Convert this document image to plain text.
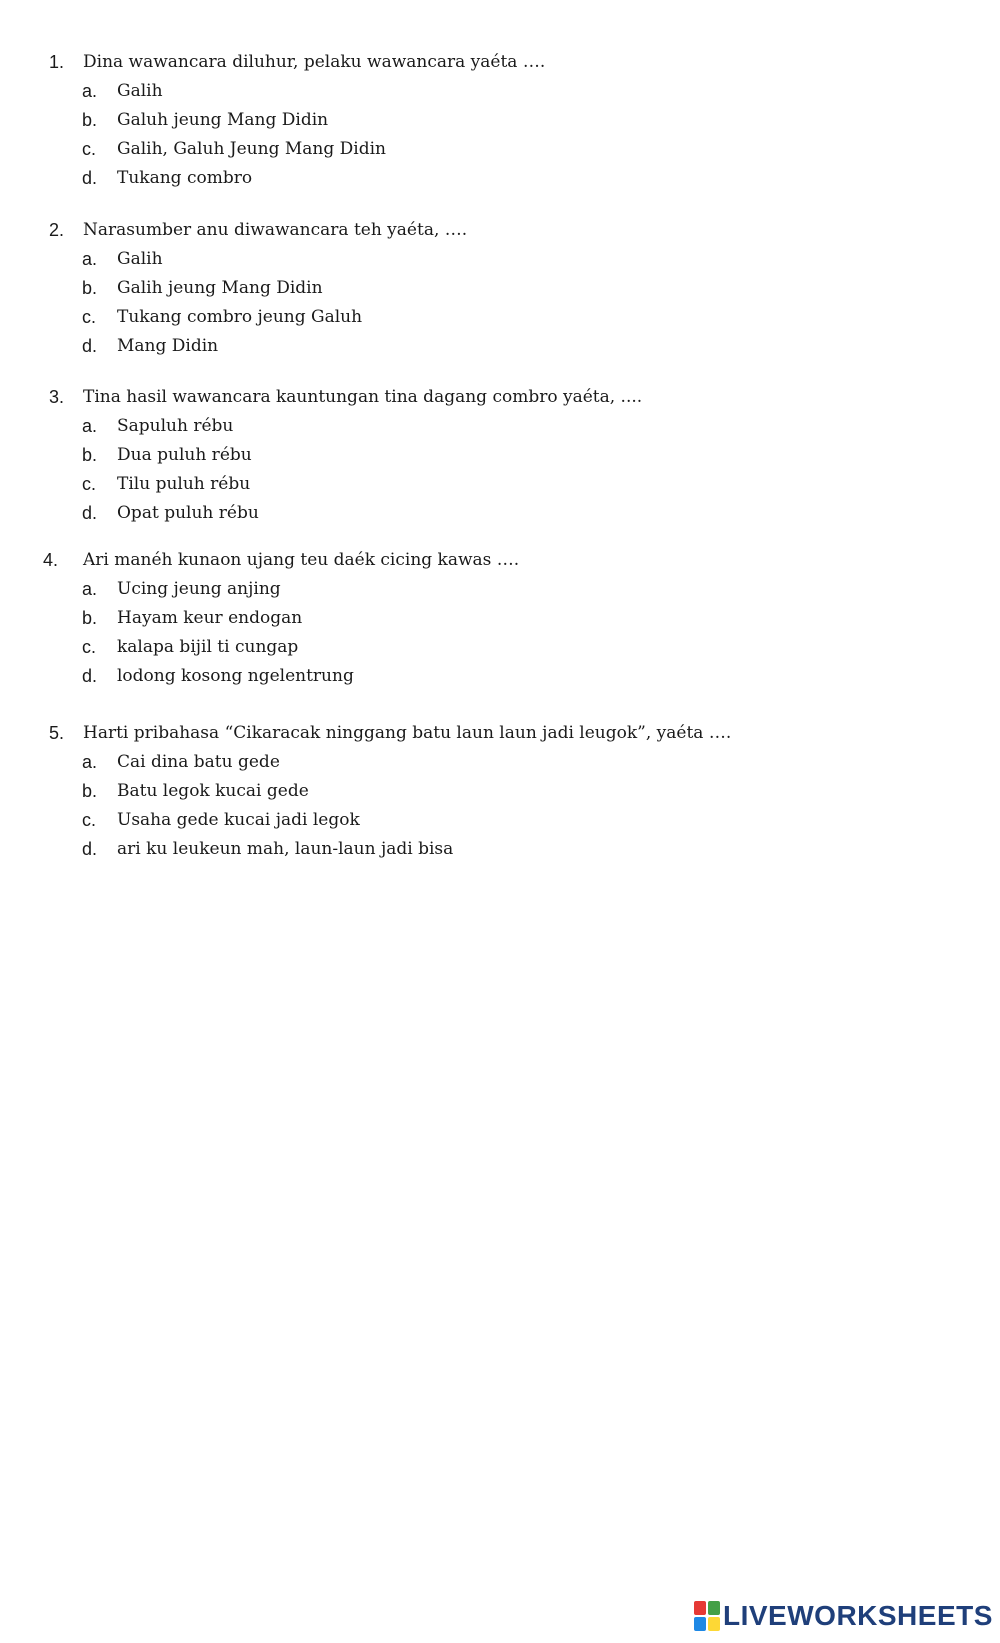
1. Dina wawancara diluhur, pelaku wawancara yaéta ….
a. Galih
b. Galuh jeung Mang Didin
c.	Galih, Galuh Jeung Mang Didin
d. Tukang combro
2. Narasumber anu diwawancara teh yaéta, ….
a. Galih
b. Galih jeung Mang Didin
c.	Tukang combro jeung Galuh
d. Mang Didin
3. Tina hasil wawancara kauntungan tina dagang combro yaéta, ....
a. Sapuluh rébu
b. Dua puluh rébu
c.	Tilu puluh rébu
d. Opat puluh rébu
4. Ari manéh kunaon ujang teu daék cicing kawas ….
a. Ucing jeung anjing
b. Hayam keur endogan
c.	kalapa bijil ti cungap
d. lodong kosong ngelentrung
5. Harti pribahasa “Cikaracak ninggang batu laun laun jadi leugok”, yaéta ….
a. Cai dina batu gede
b. Batu legok kucai gede
c.	Usaha gede kucai jadi legok
d. ari ku leukeun mah, laun-laun jadi bisa
LIVEWORKSHEETS
